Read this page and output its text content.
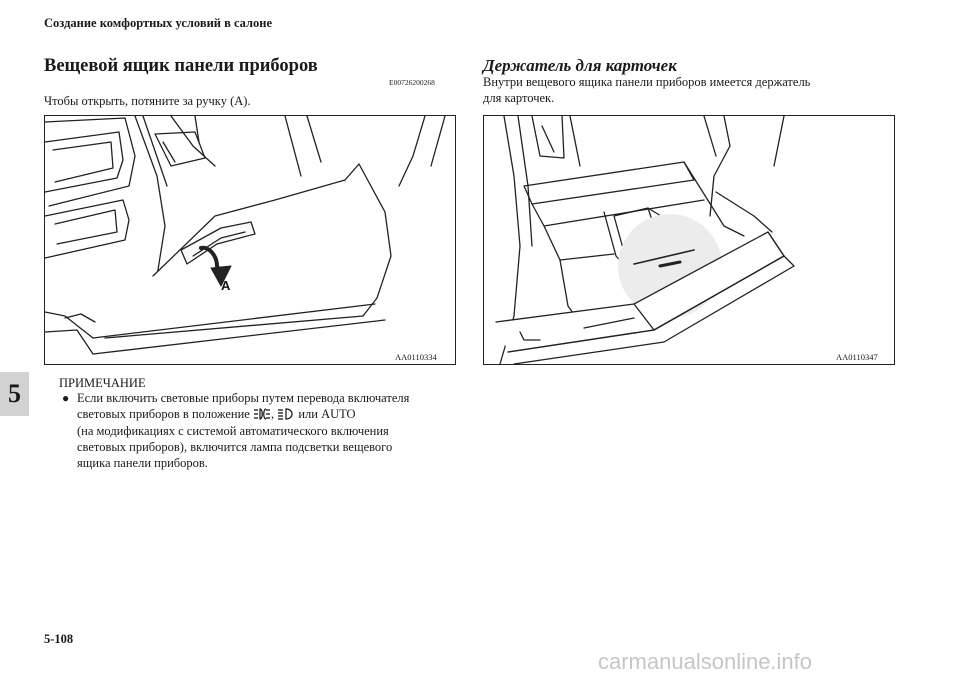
Создание комфортных условий в салоне
Вещевой ящик панели приборов
E00726200268
Чтобы открыть, потяните за ручку (A).
A
AA0110334
Держатель для карточек
Внутри вещевого ящика панели приборов имеется держатель
для карточек.
AA0110347
5	ПРИМЕЧАНИЕ
● Если включить световые приборы путем перевода включателя
световых приборов в положение , или AUTO
(на модификациях с системой автоматического включения
световых приборов), включится лампа подсветки вещевого
ящика панели приборов.
5-108
carmanualsonline.info
